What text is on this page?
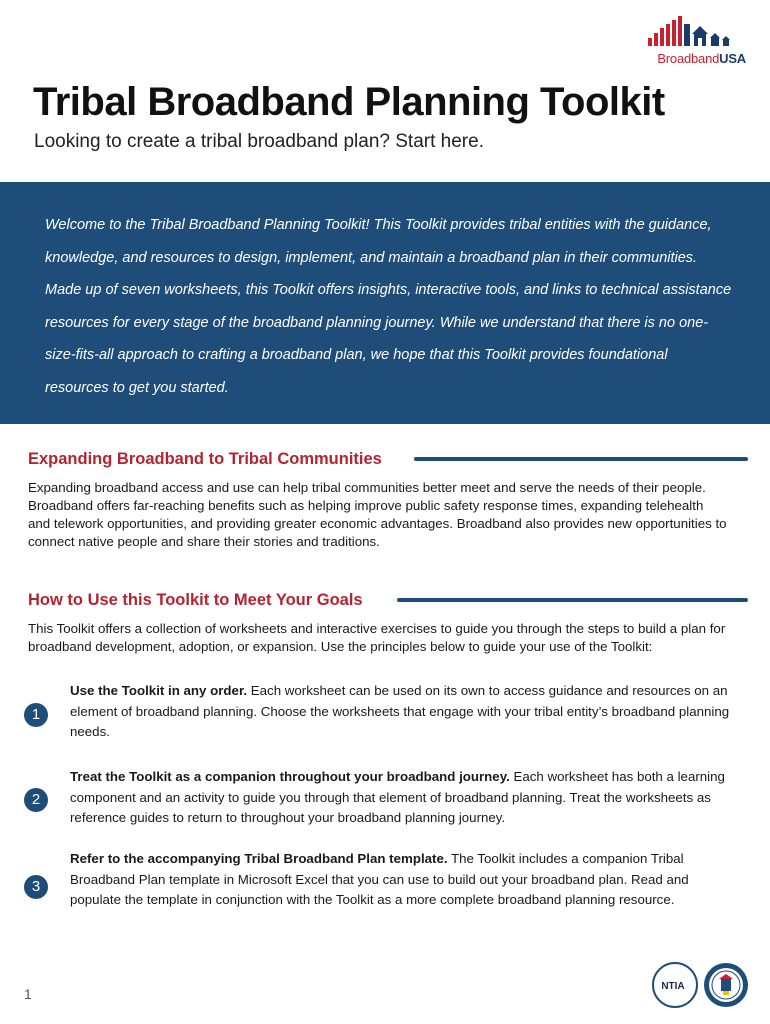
BroadbandUSA
Tribal Broadband Planning Toolkit

Looking to create a tribal broadband plan? Start here.

Welcome to the Tribal Broadband Planning Toolkit! This Toolkit provides tribal entities with the guidance, knowledge, and resources to design, implement, and maintain a broadband plan in their communities. Made up of seven worksheets, this Toolkit offers insights, interactive tools, and links to technical assistance resources for every stage of the broadband planning journey. While we understand that there is no one-size-fits-all approach to crafting a broadband plan, we hope that this Toolkit provides foundational resources to get you started.
Expanding Broadband to Tribal Communities
Expanding broadband access and use can help tribal communities better meet and serve the needs of their people. Broadband offers far-reaching benefits such as helping improve public safety response times, expanding telehealth and telework opportunities, and providing greater economic advantages. Broadband also provides new opportunities to connect native people and share their stories and traditions.
How to Use this Toolkit to Meet Your Goals
This Toolkit offers a collection of worksheets and interactive exercises to guide you through the steps to build a plan for broadband development, adoption, or expansion. Use the principles below to guide your use of the Toolkit:
1
Use the Toolkit in any order. Each worksheet can be used on its own to access guidance and resources on an element of broadband planning. Choose the worksheets that engage with your tribal entity’s broadband planning needs.
2
Treat the Toolkit as a companion throughout your broadband journey. Each worksheet has both a learning component and an activity to guide you through that element of broadband planning. Treat the worksheets as reference guides to return to throughout your broadband planning journey.
3
Refer to the accompanying Tribal Broadband Plan template. The Toolkit includes a companion Tribal Broadband Plan template in Microsoft Excel that you can use to build out your broadband plan. Read and populate the template in conjunction with the Toolkit as a more complete broadband planning resource.
1	NTIA
